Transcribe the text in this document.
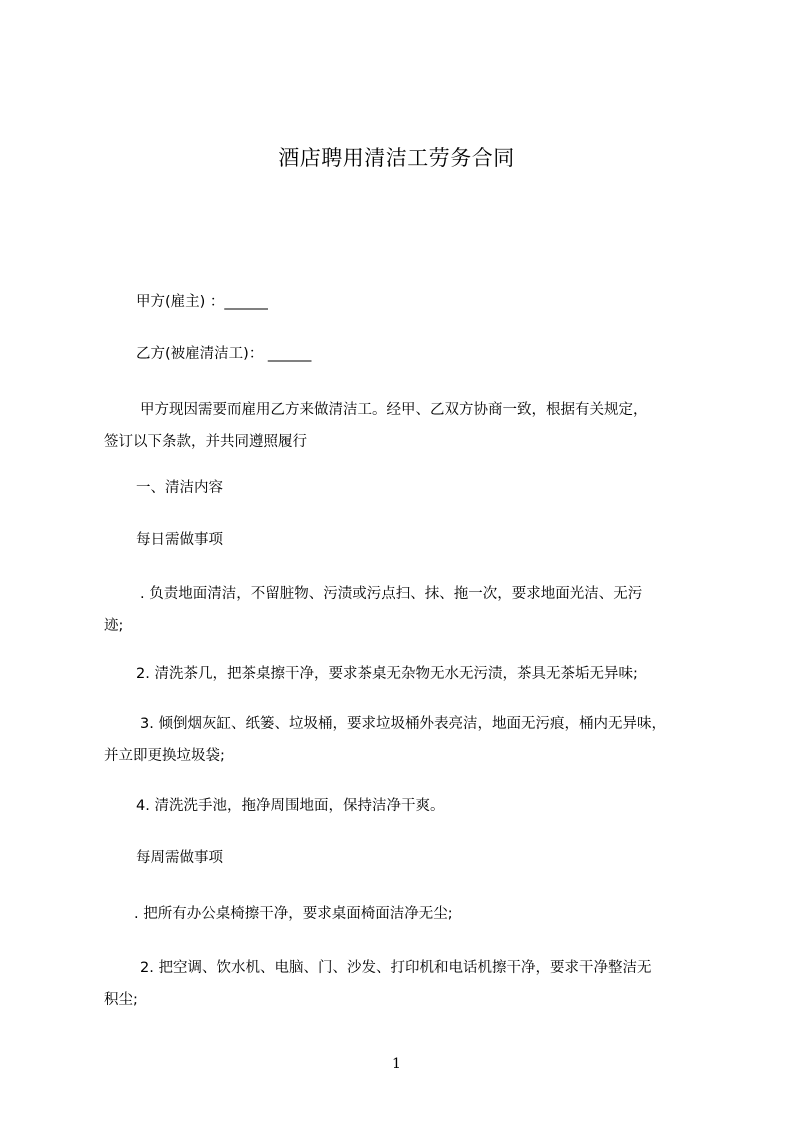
酒店聘用清洁工劳务合同
甲方(雇主) ：______
乙方(被雇清洁工)： ______
甲方现因需要而雇用乙方来做清洁工。经甲、乙双方协商一致，根据有关规定，
签订以下条款，并共同遵照履行
一、清洁内容
每日需做事项
. 负责地面清洁，不留脏物、污渍或污点扫、抹、拖一次，要求地面光洁、无污
迹;
2. 清洗茶几，把茶桌擦干净，要求茶桌无杂物无水无污渍，茶具无茶垢无异味;
3. 倾倒烟灰缸、纸篓、垃圾桶，要求垃圾桶外表亮洁，地面无污痕，桶内无异味，
并立即更换垃圾袋;
4. 清洗洗手池，拖净周围地面，保持洁净干爽。
每周需做事项
. 把所有办公桌椅擦干净，要求桌面椅面洁净无尘;
2. 把空调、饮水机、电脑、门、沙发、打印机和电话机擦干净，要求干净整洁无
积尘;
1
